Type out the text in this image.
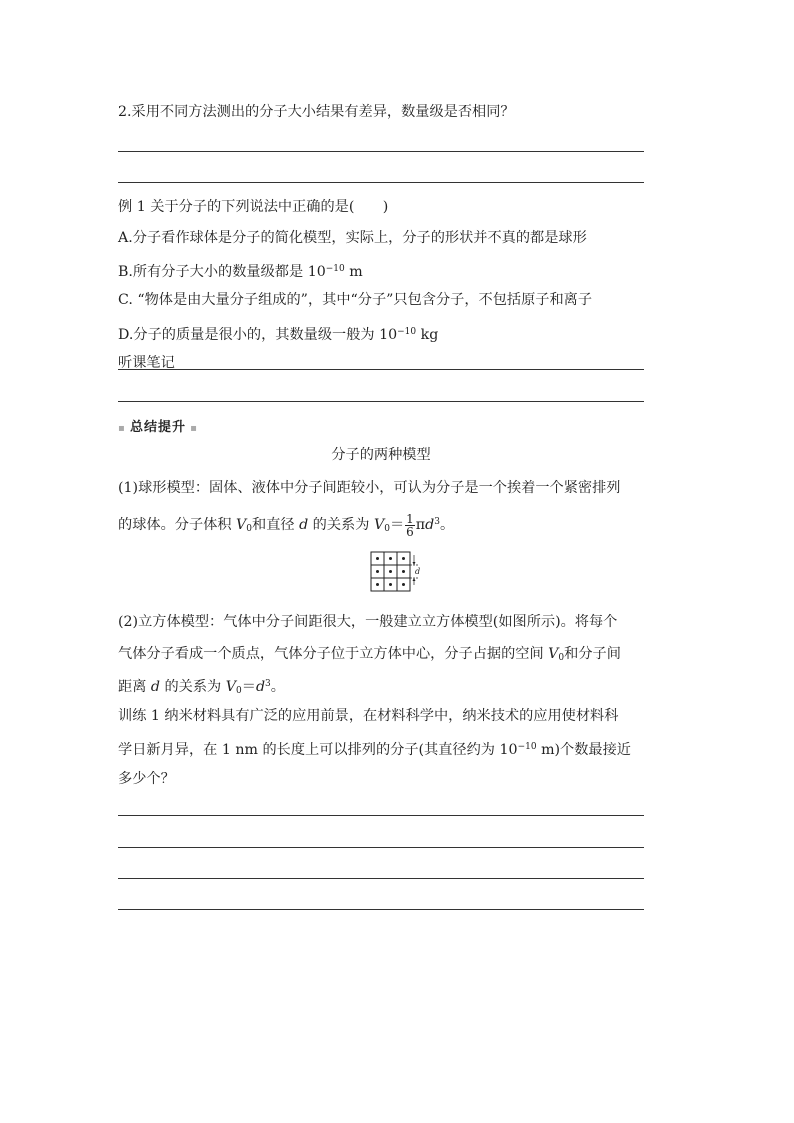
2.采用不同方法测出的分子大小结果有差异，数量级是否相同？
例 1 关于分子的下列说法中正确的是(　　)
A.分子看作球体是分子的简化模型，实际上，分子的形状并不真的都是球形
B.所有分子大小的数量级都是 $10^{-10}$ m
C. “物体是由大量分子组成的”，其中“分子”只包含分子，不包括原子和离子
D.分子的质量是很小的，其数量级一般为 $10^{-10}$ kg
听课笔记
▪ 总结提升 ▪
分子的两种模型
(1)球形模型：固体、液体中分子间距较小，可认为分子是一个挨着一个紧密排列
的球体。分子体积 $V_0$和直径 d 的关系为 $V_0= \frac{1}{6} \pi d^3$。
d
(2)立方体模型：气体中分子间距很大，一般建立立方体模型(如图所示)。将每个
气体分子看成一个质点，气体分子位于立方体中心，分子占据的空间 $V_0$和分子间
距离 d 的关系为 $V_0=d^3$。
训练 1 纳米材料具有广泛的应用前景，在材料科学中，纳米技术的应用使材料科
学日新月异，在 1 nm 的长度上可以排列的分子(其直径约为 $10^{-10}$ m)个数最接近
多少个？
